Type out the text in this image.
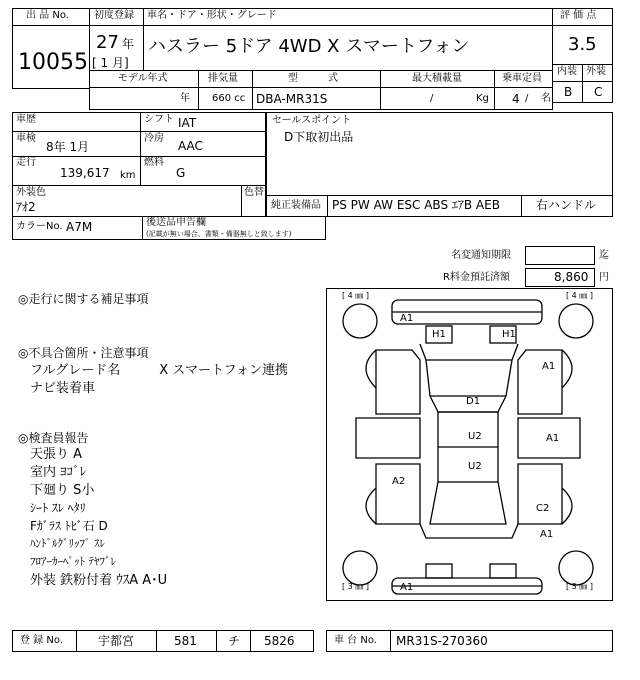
出 品 No.
10055
初度登録 車名・ドア・形状・グレード
27 年
[ 1 月]
ハスラー 5ドア 4WD X スマートフォン
評 価 点
3.5
内装 外装
B C
モデル年式	排気量	型　　　式	最大積載量	乗車定員
年 660 cc DBA-MR31S	/	Kg 4 / 名
車歴	シフト IAT
車検
8年 1月
冷房
AAC
走行
139,617 km
燃料
G
セールスポイント
D下取初出品
外装色
ｱｵ2
色替
純正装備品 PS PW AW ESC ABS ｴｱB AEB	右ハンドル
カラーNo. A7M	後送品申告欄
(記載が無い場合、書類・備器無しと致します)
名変通知期限	迄
R料金預託済額	8,860 円
◎走行に関する補足事項
◎不具合箇所・注意事項
フルグレード名　　　X スマートフォン連携
ナビ装着車
◎検査員報告
天張り A
室内 ﾖｺﾞﾚ
下廻り S小
ｼｰﾄ ｽﾚ ﾍﾀﾘ
Fｶﾞﾗｽ ﾄﾋﾞ石 D
ﾊﾝﾄﾞﾙｸﾞﾘｯﾌﾟ ｽﾚ
ﾌﾛｱｰｶｰﾍﾟｯﾄ ﾃﾔﾌﾞﾚ
外装 鉄粉付着 ｳｽA A･U
[ 4 ㎜ ]	[ 4 ㎜ ]
[ 3 ㎜ ]	[ 3 ㎜ ]
A1
H1	H1
A1
D1
U2	A1
U2
A2
C2
A1
A1
登 録 No.	宇都宮	581	チ 5826	車 台 No. MR31S-270360
